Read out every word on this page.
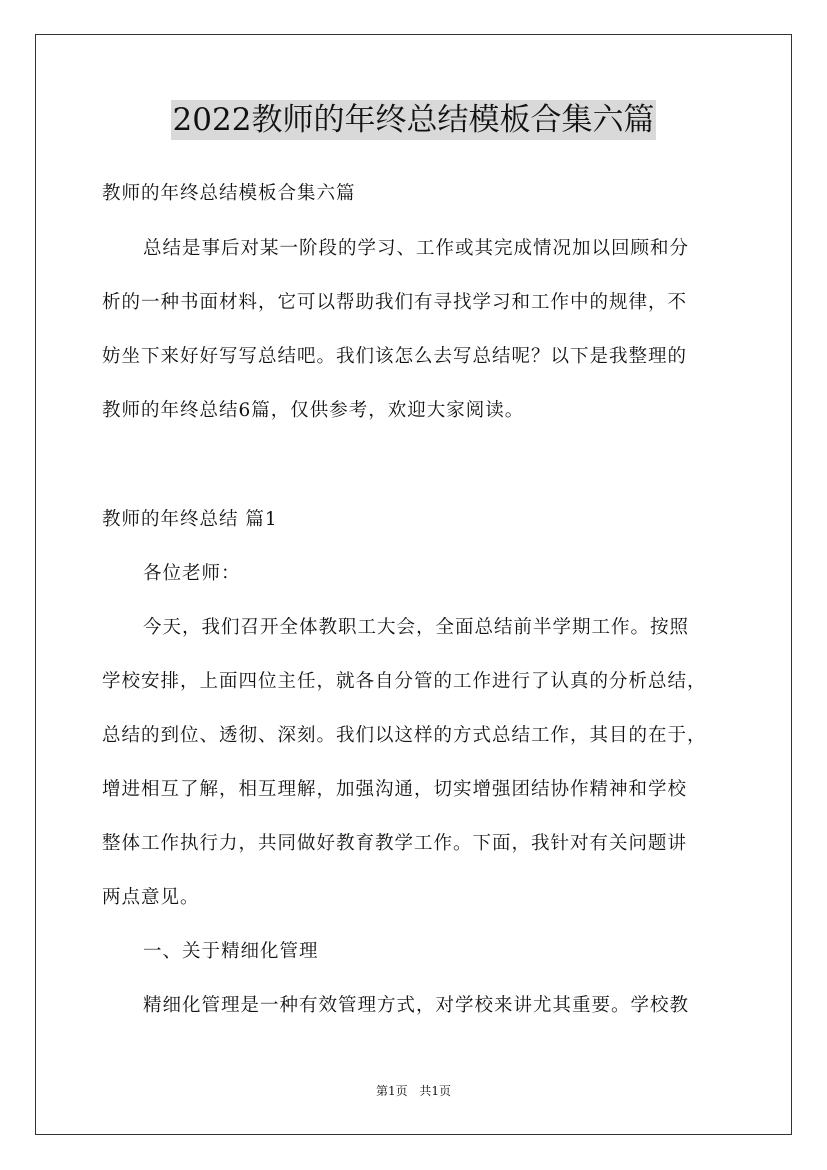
2022教师的年终总结模板合集六篇
教师的年终总结模板合集六篇
总结是事后对某一阶段的学习、工作或其完成情况加以回顾和分
析的一种书面材料，它可以帮助我们有寻找学习和工作中的规律，不
妨坐下来好好写写总结吧。我们该怎么去写总结呢？以下是我整理的
教师的年终总结6篇，仅供参考，欢迎大家阅读。
教师的年终总结 篇1
各位老师：
今天，我们召开全体教职工大会，全面总结前半学期工作。按照
学校安排，上面四位主任，就各自分管的工作进行了认真的分析总结，
总结的到位、透彻、深刻。我们以这样的方式总结工作，其目的在于，
增进相互了解，相互理解，加强沟通，切实增强团结协作精神和学校
整体工作执行力，共同做好教育教学工作。下面，我针对有关问题讲
两点意见。
一、关于精细化管理
精细化管理是一种有效管理方式，对学校来讲尤其重要。学校教
第1页 共1页
